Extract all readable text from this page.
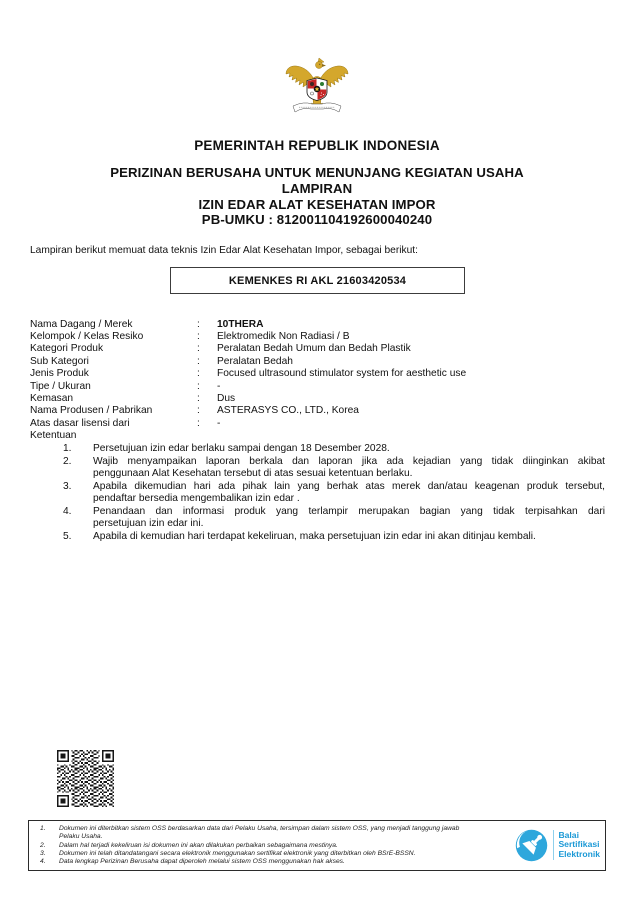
PEMERINTAH REPUBLIK INDONESIA
PERIZINAN BERUSAHA UNTUK MENUNJANG KEGIATAN USAHA
LAMPIRAN
IZIN EDAR ALAT KESEHATAN IMPOR
PB-UMKU : 812001104192600040240
Lampiran berikut memuat data teknis Izin Edar Alat Kesehatan Impor, sebagai berikut:
KEMENKES RI AKL 21603420534
Nama Dagang / Merek	:	10THERA
Kelompok / Kelas Resiko	:	Elektromedik Non Radiasi / B
Kategori Produk	:	Peralatan Bedah Umum dan Bedah Plastik
Sub Kategori	:	Peralatan Bedah
Jenis Produk	:	Focused ultrasound stimulator system for aesthetic use
Tipe / Ukuran	:	-
Kemasan	:	Dus
Nama Produsen / Pabrikan	:	ASTERASYS CO., LTD., Korea
Atas dasar lisensi dari	:	-
Ketentuan
1.	Persetujuan izin edar berlaku sampai dengan 18 Desember 2028.
2.	Wajib menyampaikan laporan berkala dan laporan jika ada kejadian yang tidak diinginkan akibat
penggunaan Alat Kesehatan tersebut di atas sesuai ketentuan berlaku.
3.	Apabila dikemudian hari ada pihak lain yang berhak atas merek dan/atau keagenan produk tersebut,
pendaftar bersedia mengembalikan izin edar .
4.	Penandaan dan informasi produk yang terlampir merupakan bagian yang tidak terpisahkan dari
persetujuan izin edar ini.
5.	Apabila di kemudian hari terdapat kekeliruan, maka persetujuan izin edar ini akan ditinjau kembali.
1.	Dokumen ini diterbitkan sistem OSS berdasarkan data dari Pelaku Usaha, tersimpan dalam sistem OSS, yang menjadi tanggung jawab
Pelaku Usaha.
2.	Dalam hal terjadi kekeliruan isi dokumen ini akan dilakukan perbaikan sebagaimana mestinya.
3.	Dokumen ini telah ditandatangani secara elektronik menggunakan sertifikat elektronik yang diterbitkan oleh BSrE-BSSN.
4.	Data lengkap Perizinan Berusaha dapat diperoleh melalui sistem OSS menggunakan hak akses.
Balai
Sertifikasi
Elektronik
